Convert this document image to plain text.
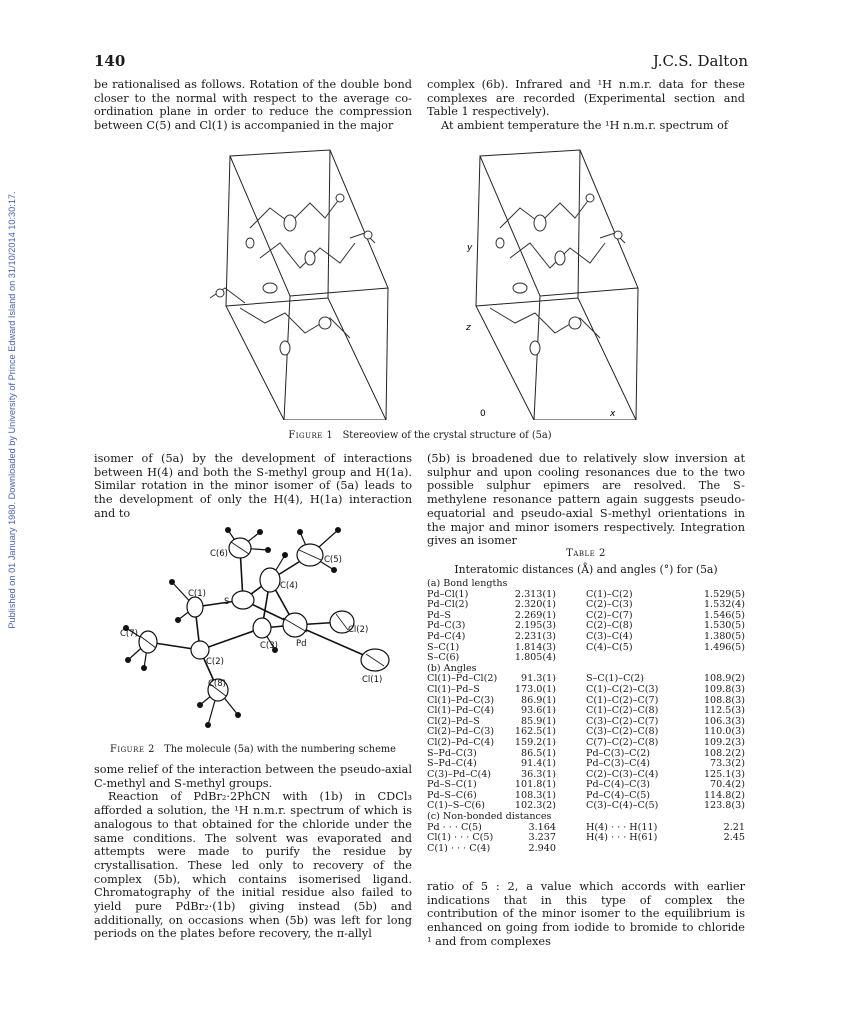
140	J.C.S. Dalton
Published on 01 January 1980. Downloaded by University of Prince Edward Island on 31/10/2014 10:30:17.

be rationalised as follows. Rotation of the double bond closer to the normal with respect to the average co-ordination plane in order to reduce the compression between C(5) and Cl(1) is accompanied in the major

complex (6b). Infrared and ¹H n.m.r. data for these complexes are recorded (Experimental section and Table 1 respectively).

At ambient temperature the ¹H n.m.r. spectrum of

y
z
0	x
Figure 1 Stereoview of the crystal structure of (5a)

isomer of (5a) by the development of interactions between H(4) and both the S-methyl group and H(1a). Similar rotation in the minor isomer of (5a) leads to the development of only the H(4), H(1a) interaction and to

(5b) is broadened due to relatively slow inversion at sulphur and upon cooling resonances due to the two possible sulphur epimers are resolved. The S-methylene resonance pattern again suggests pseudo-equatorial and pseudo-axial S-methyl orientations in the major and minor isomers respectively. Integration gives an isomer

C(6)
C(5)
C(4)
C(1)
S
Cl(2)
C(7)
C(3) Pd
C(2)
Cl(1)
C(8)
Figure 2 The molecule (5a) with the numbering scheme

some relief of the interaction between the pseudo-axial C-methyl and S-methyl groups.

Reaction of PdBr₂·2PhCN with (1b) in CDCl₃ afforded a solution, the ¹H n.m.r. spectrum of which is analogous to that obtained for the chloride under the same conditions. The solvent was evaporated and attempts were made to purify the residue by crystallisation. These led only to recovery of the complex (5b), which contains isomerised ligand. Chromatography of the initial residue also failed to yield pure PdBr₂·(1b) giving instead (5b) and additionally, on occasions when (5b) was left for long periods on the plates before recovery, the π-allyl

Table 2
Interatomic distances (Å) and angles (°) for (5a)
(a) Bond lengths
Pd–Cl(1)	2.313(1)	C(1)–C(2)	1.529(5)
Pd–Cl(2)	2.320(1)	C(2)–C(3)	1.532(4)
Pd–S	2.269(1)	C(2)–C(7)	1.546(5)
Pd–C(3)	2.195(3)	C(2)–C(8)	1.530(5)
Pd–C(4)	2.231(3)	C(3)–C(4)	1.380(5)
S–C(1)	1.814(3)	C(4)–C(5)	1.496(5)
S–C(6)	1.805(4)		
(b) Angles
Cl(1)–Pd–Cl(2)	91.3(1)	S–C(1)–C(2)	108.9(2)
Cl(1)–Pd–S	173.0(1)	C(1)–C(2)–C(3)	109.8(3)
Cl(1)–Pd–C(3)	86.9(1)	C(1)–C(2)–C(7)	108.8(3)
Cl(1)–Pd–C(4)	93.6(1)	C(1)–C(2)–C(8)	112.5(3)
Cl(2)–Pd–S	85.9(1)	C(3)–C(2)–C(7)	106.3(3)
Cl(2)–Pd–C(3)	162.5(1)	C(3)–C(2)–C(8)	110.0(3)
Cl(2)–Pd–C(4)	159.2(1)	C(7)–C(2)–C(8)	109.2(3)
S–Pd–C(3)	86.5(1)	Pd–C(3)–C(2)	108.2(2)
S–Pd–C(4)	91.4(1)	Pd–C(3)–C(4)	73.3(2)
C(3)–Pd–C(4)	36.3(1)	C(2)–C(3)–C(4)	125.1(3)
Pd–S–C(1)	101.8(1)	Pd–C(4)–C(3)	70.4(2)
Pd–S–C(6)	108.3(1)	Pd–C(4)–C(5)	114.8(2)
C(1)–S–C(6)	102.3(2)	C(3)–C(4)–C(5)	123.8(3)
(c) Non-bonded distances
Pd · · · C(5)	3.164	H(4) · · · H(11)	2.21
Cl(1) · · · C(5)	3.237	H(4) · · · H(61)	2.45
C(1) · · · C(4)	2.940		

ratio of 5 : 2, a value which accords with earlier indications that in this type of complex the contribution of the minor isomer to the equilibrium is enhanced on going from iodide to bromide to chloride ¹ and from complexes
